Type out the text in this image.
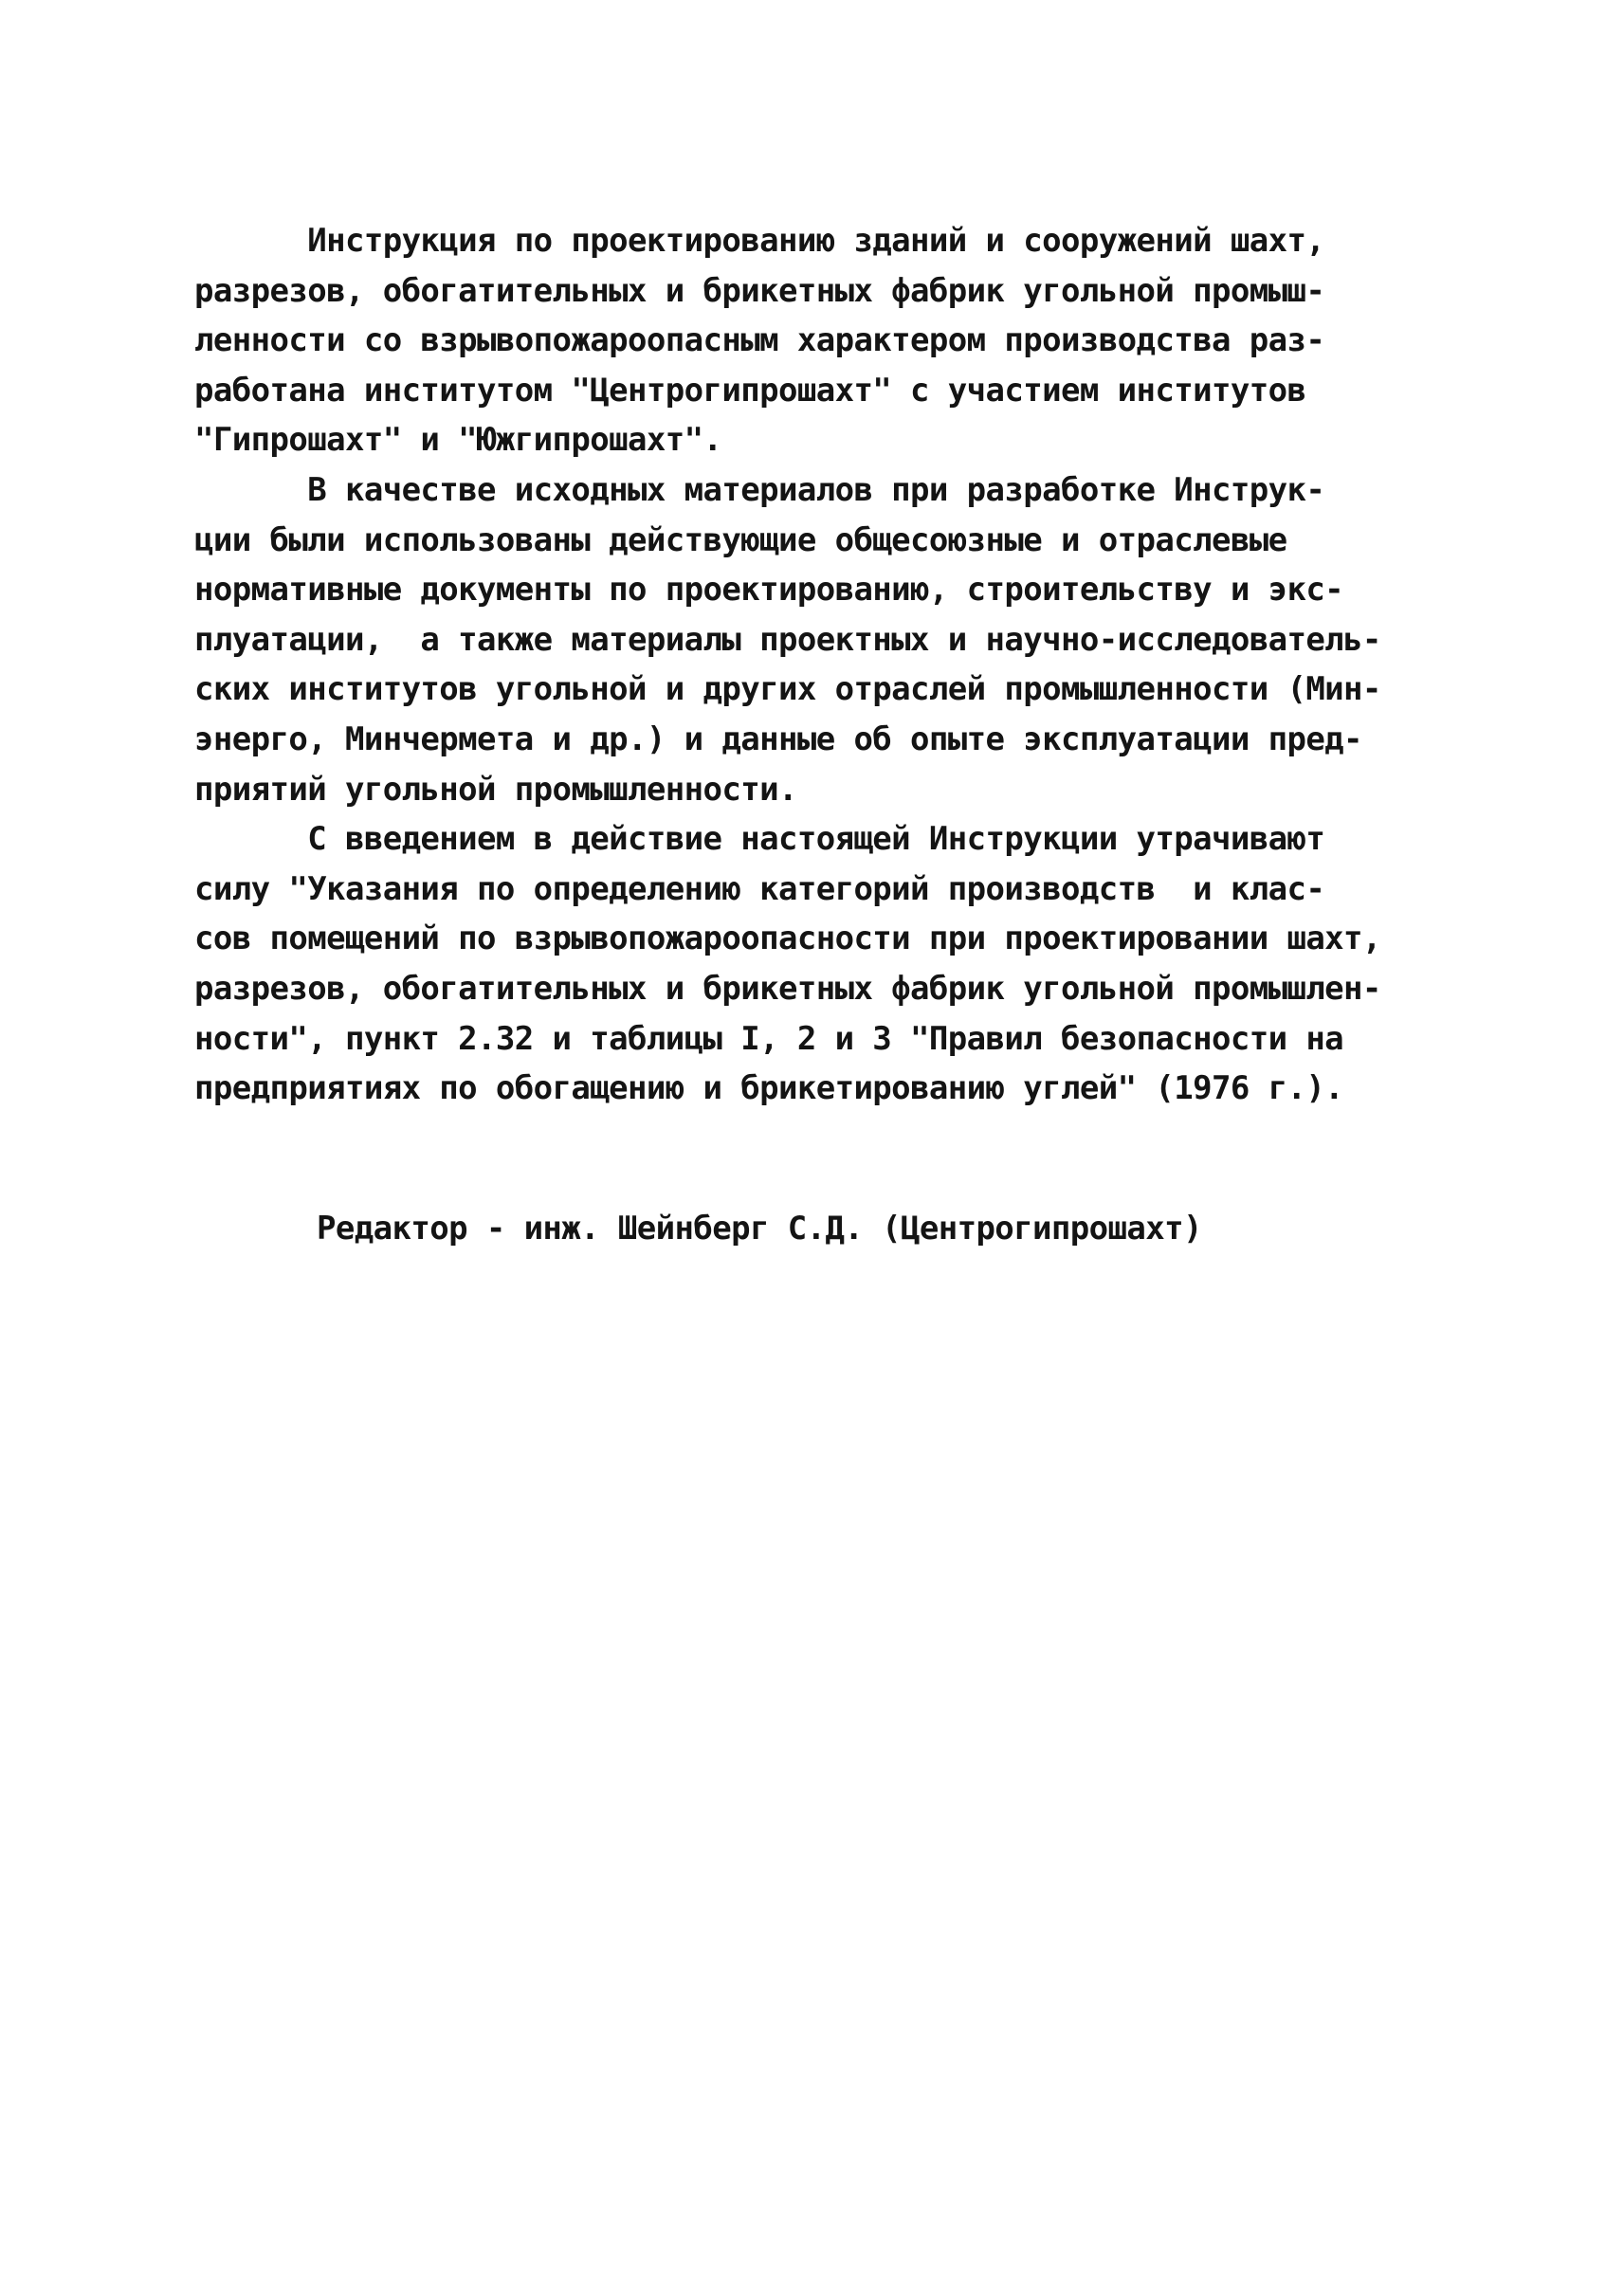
Инструкция по проектированию зданий и сооружений шахт,
разрезов, обогатительных и брикетных фабрик угольной промыш-
ленности со взрывопожароопасным характером производства раз-
работана институтом "Центрогипрошахт" с участием институтов
"Гипрошахт" и "Южгипрошахт".
В качестве исходных материалов при разработке Инструк-
ции были использованы действующие общесоюзные и отраслевые
нормативные документы по проектированию, строительству и экс-
плуатации,  а также материалы проектных и научно-исследователь-
ских институтов угольной и других отраслей промышленности (Мин-
энерго, Минчермета и др.) и данные об опыте эксплуатации пред-
приятий угольной промышленности.
С введением в действие настоящей Инструкции утрачивают
силу "Указания по определению категорий производств  и клас-
сов помещений по взрывопожароопасности при проектировании шахт,
разрезов, обогатительных и брикетных фабрик угольной промышлен-
ности", пункт 2.32 и таблицы I, 2 и 3 "Правил безопасности на
предприятиях по обогащению и брикетированию углей" (1976 г.).
Редактор - инж. Шейнберг С.Д. (Центрогипрошахт)
